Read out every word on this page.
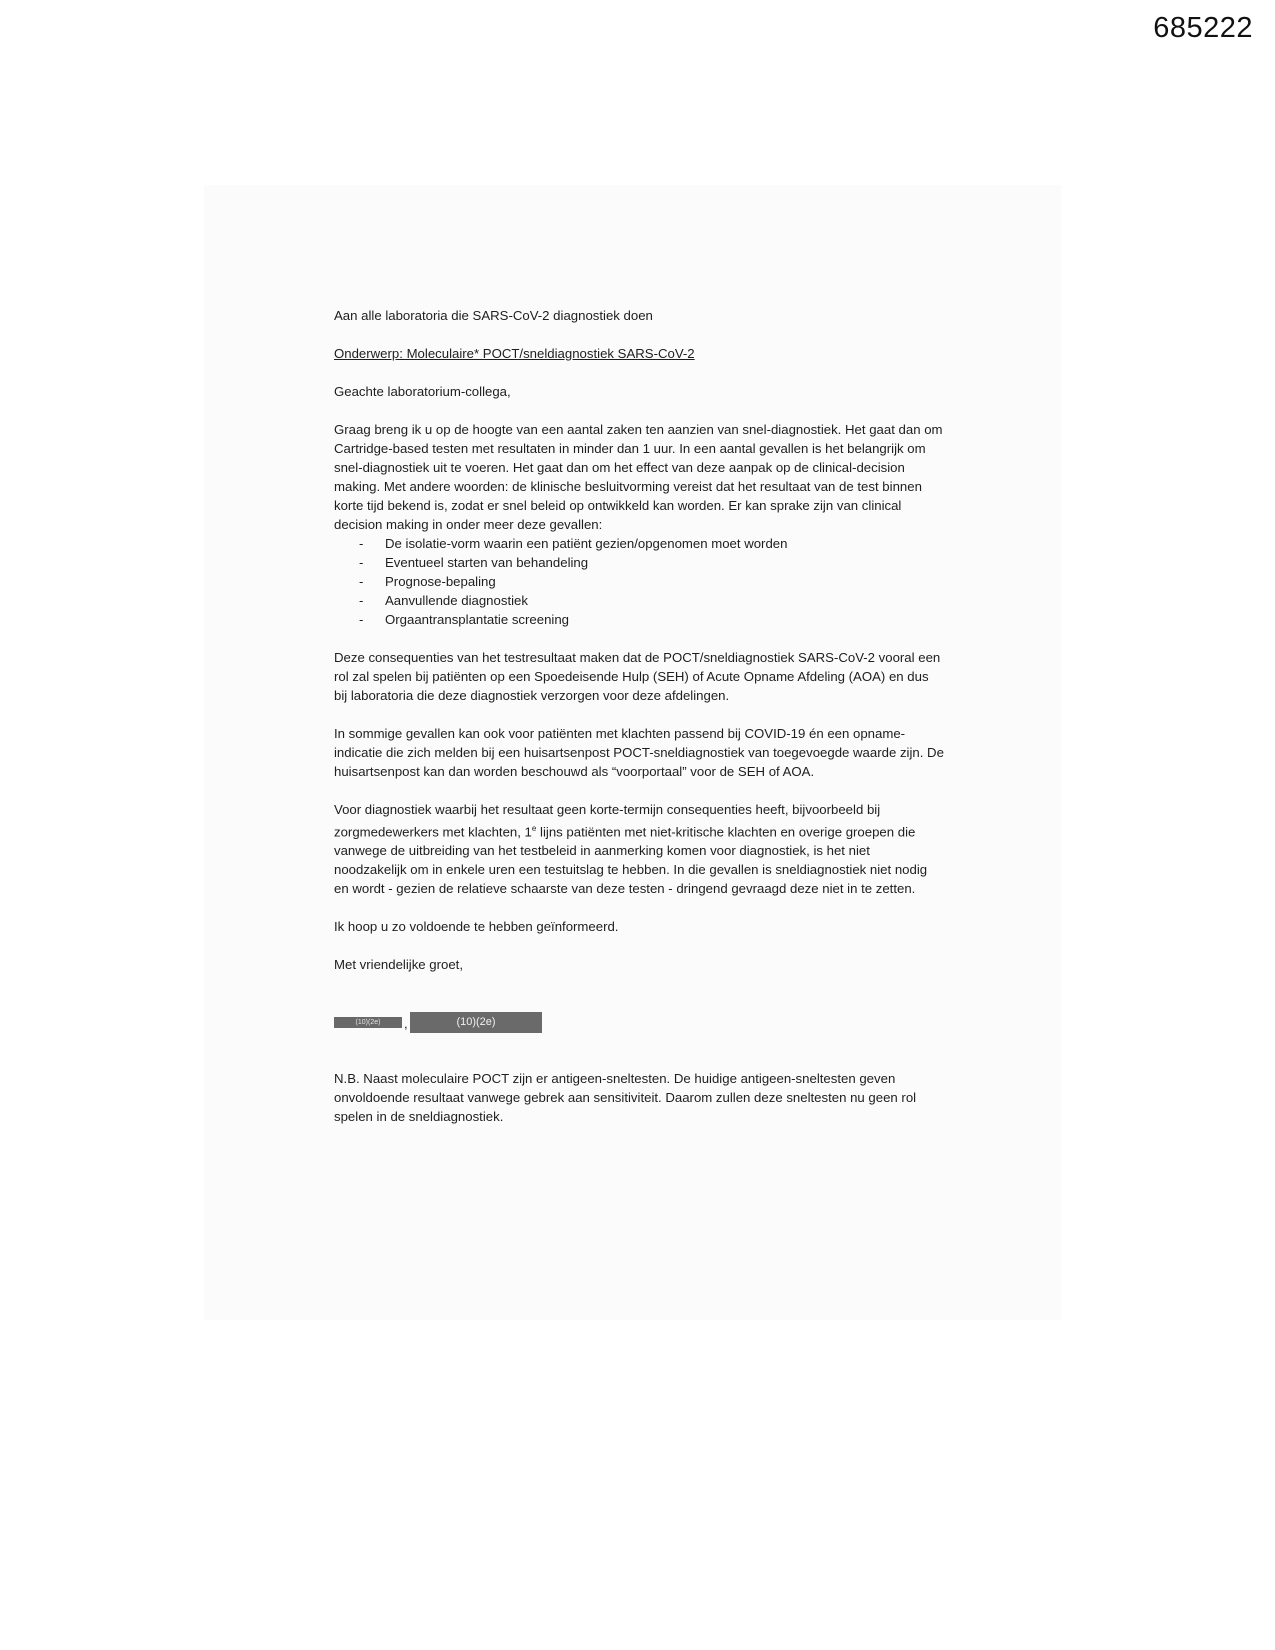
685222

Aan alle laboratoria die SARS-CoV-2 diagnostiek doen

Onderwerp: Moleculaire* POCT/sneldiagnostiek SARS-CoV-2

Geachte laboratorium-collega,

Graag breng ik u op de hoogte van een aantal zaken ten aanzien van snel-diagnostiek. Het gaat dan om Cartridge-based testen met resultaten in minder dan 1 uur. In een aantal gevallen is het belangrijk om snel-diagnostiek uit te voeren. Het gaat dan om het effect van deze aanpak op de clinical-decision making. Met andere woorden: de klinische besluitvorming vereist dat het resultaat van de test binnen korte tijd bekend is, zodat er snel beleid op ontwikkeld kan worden. Er kan sprake zijn van clinical decision making in onder meer deze gevallen:

- De isolatie-vorm waarin een patiënt gezien/opgenomen moet worden
- Eventueel starten van behandeling
- Prognose-bepaling
- Aanvullende diagnostiek
- Orgaantransplantatie screening

Deze consequenties van het testresultaat maken dat de POCT/sneldiagnostiek SARS-CoV-2 vooral een rol zal spelen bij patiënten op een Spoedeisende Hulp (SEH) of Acute Opname Afdeling (AOA) en dus bij laboratoria die deze diagnostiek verzorgen voor deze afdelingen.

In sommige gevallen kan ook voor patiënten met klachten passend bij COVID-19 én een opname-indicatie die zich melden bij een huisartsenpost POCT-sneldiagnostiek van toegevoegde waarde zijn. De huisartsenpost kan dan worden beschouwd als “voorportaal” voor de SEH of AOA.

Voor diagnostiek waarbij het resultaat geen korte-termijn consequenties heeft, bijvoorbeeld bij zorgmedewerkers met klachten, 1e lijns patiënten met niet-kritische klachten en overige groepen die vanwege de uitbreiding van het testbeleid in aanmerking komen voor diagnostiek, is het niet noodzakelijk om in enkele uren een testuitslag te hebben. In die gevallen is sneldiagnostiek niet nodig en wordt - gezien de relatieve schaarste van deze testen - dringend gevraagd deze niet in te zetten.

Ik hoop u zo voldoende te hebben geïnformeerd.

Met vriendelijke groet,

(10)(2e)	,	(10)(2e)

N.B. Naast moleculaire POCT zijn er antigeen-sneltesten. De huidige antigeen-sneltesten geven onvoldoende resultaat vanwege gebrek aan sensitiviteit. Daarom zullen deze sneltesten nu geen rol spelen in de sneldiagnostiek.
